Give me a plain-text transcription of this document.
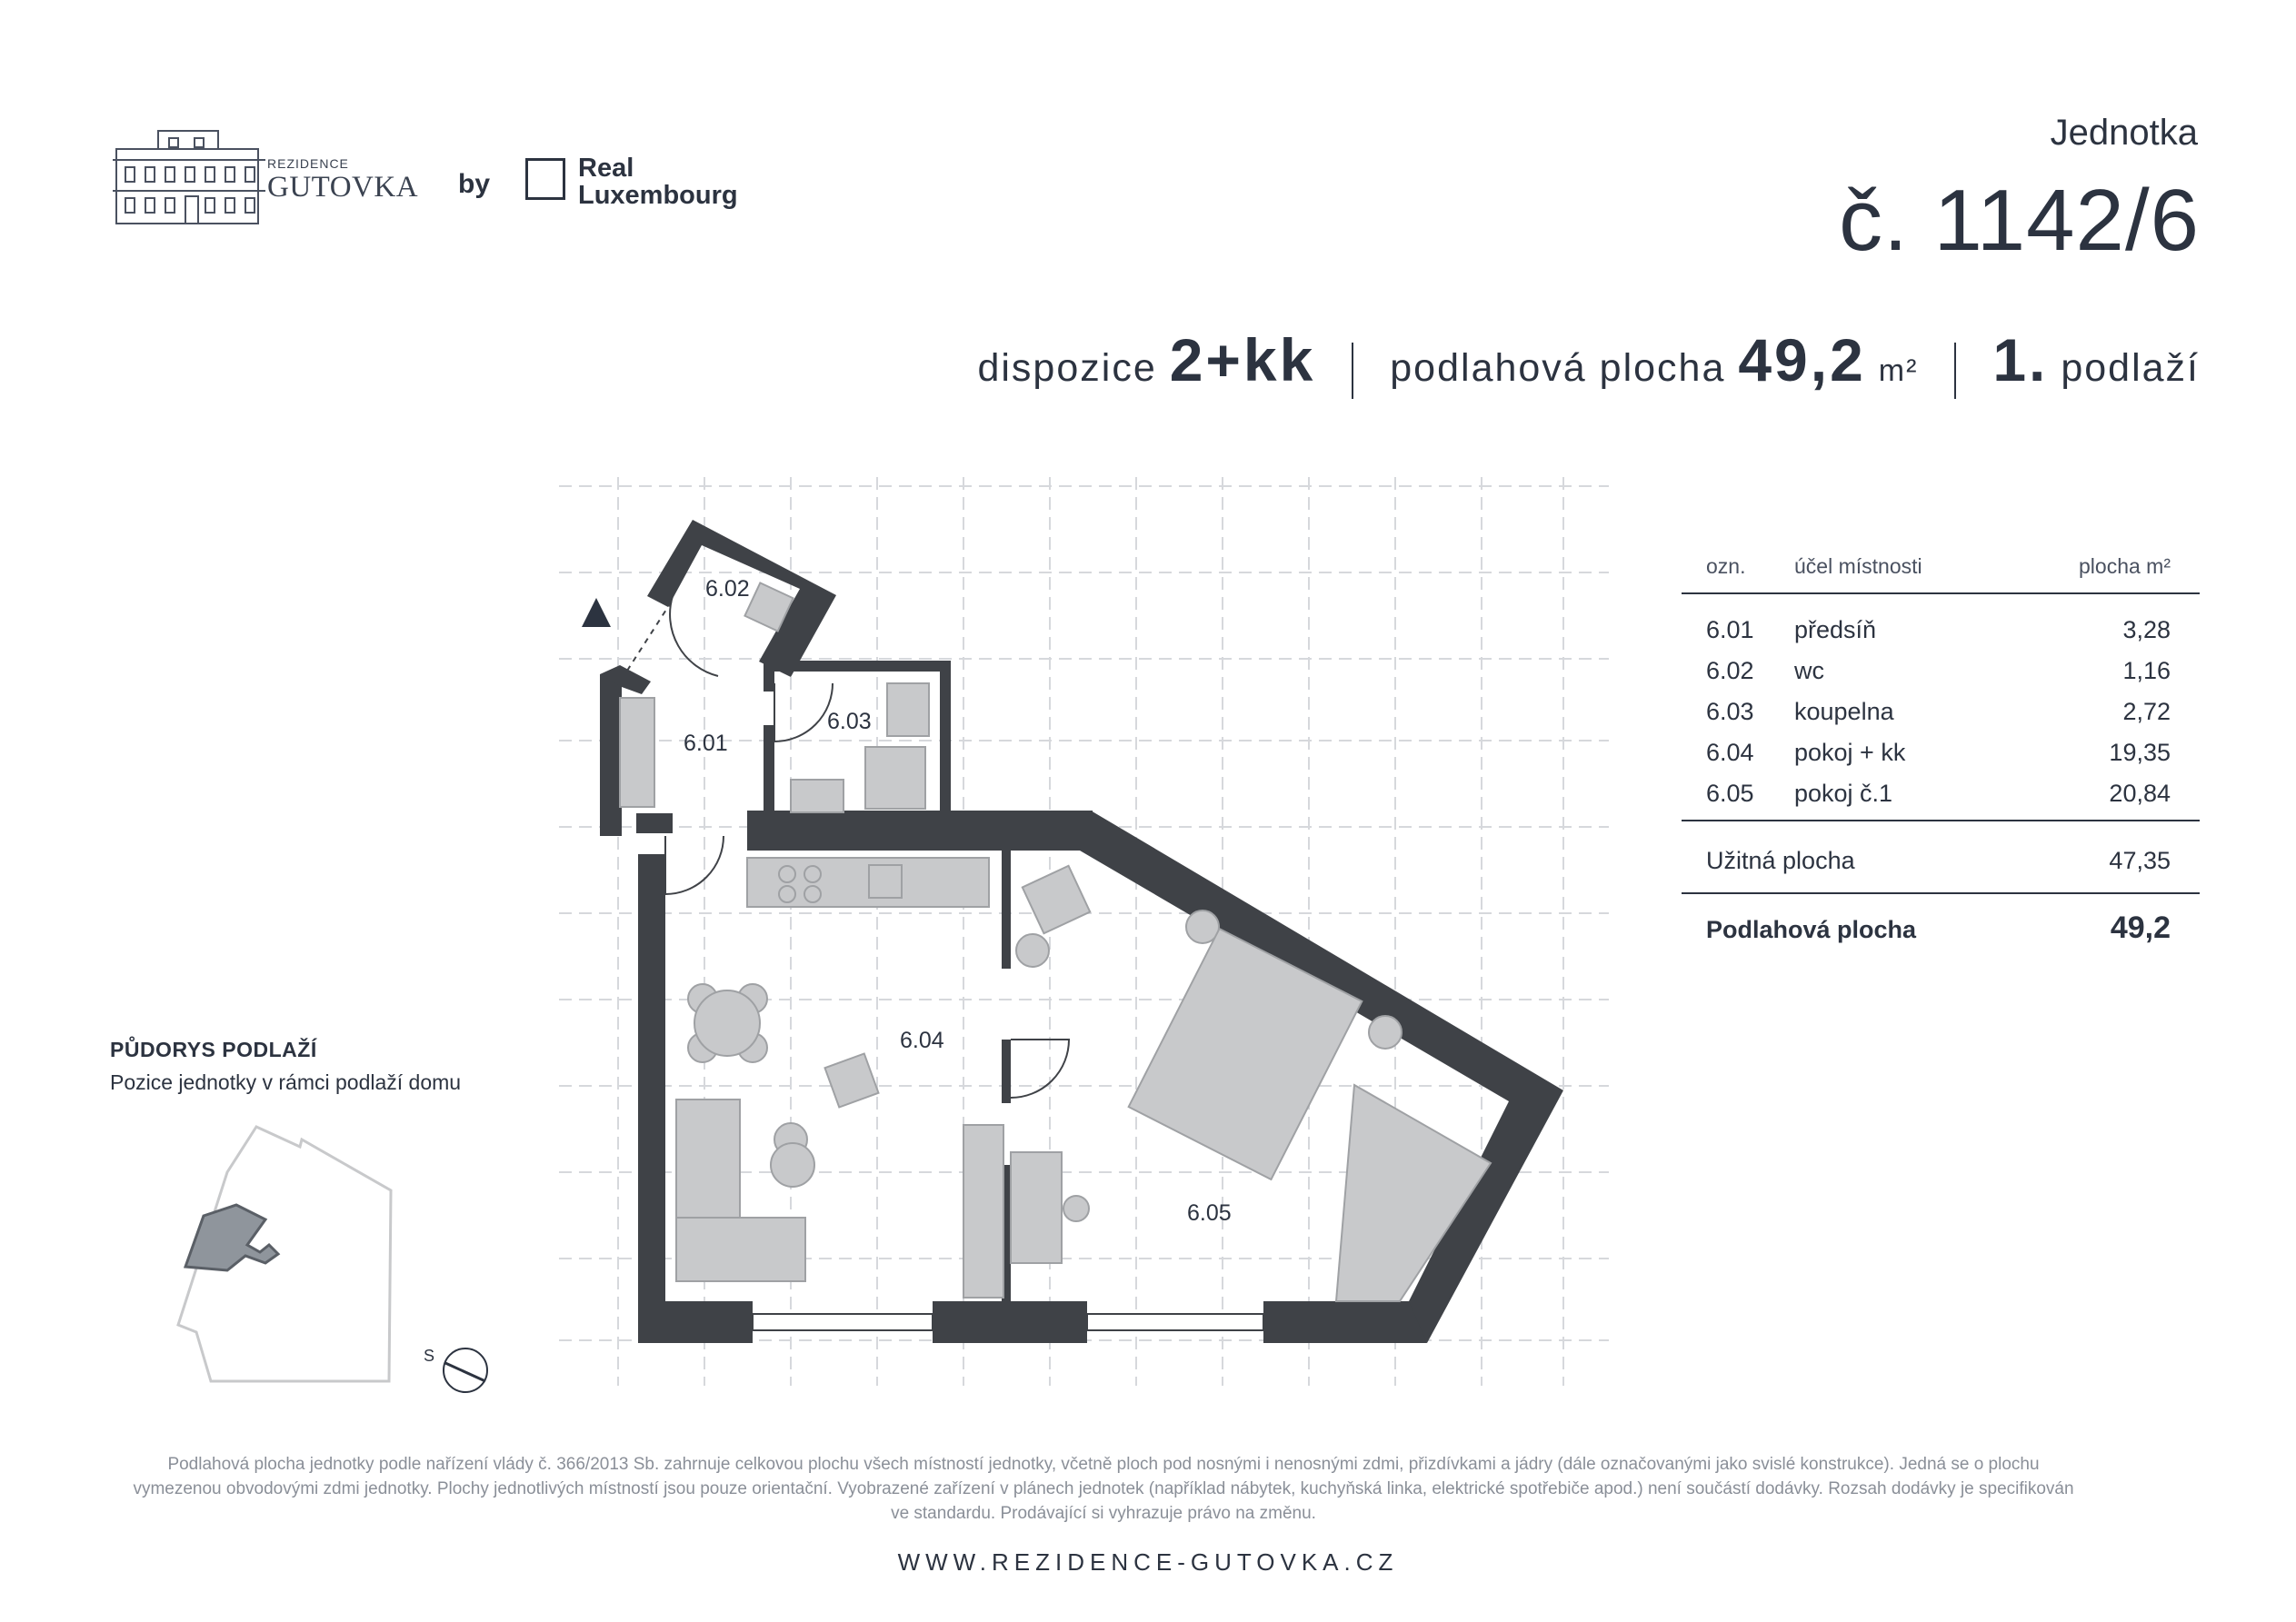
REZIDENCE
GUTOVKA by
Real
Luxembourg
Jednotka
č. 1142/6
dispozice 2+kk podlahová plocha 49,2 m² 1. podlaží
ozn. účel místnosti	plocha m²
6.01 předsíň	3,28
6.02 wc	1,16
6.03 koupelna	2,72
6.04 pokoj + kk	19,35
6.05 pokoj č.1	20,84
Užitná plocha	47,35
Podlahová plocha	49,2
6.01
6.02
6.03
6.04
6.05
PŮDORYS PODLAŽÍ
Pozice jednotky v rámci podlaží domu
S
Podlahová plocha jednotky podle nařízení vlády č. 366/2013 Sb. zahrnuje celkovou plochu všech místností jednotky, včetně ploch pod nosnými i nenosnými zdmi, přizdívkami a jádry (dále označovanými jako svislé konstrukce). Jedná se o plochu vymezenou obvodovými zdmi jednotky. Plochy jednotlivých místností jsou pouze orientační. Vyobrazené zařízení v plánech jednotek (například nábytek, kuchyňská linka, elektrické spotřebiče apod.) není součástí dodávky. Rozsah dodávky je specifikován ve standardu. Prodávající si vyhrazuje právo na změnu.
WWW.REZIDENCE-GUTOVKA.CZ
